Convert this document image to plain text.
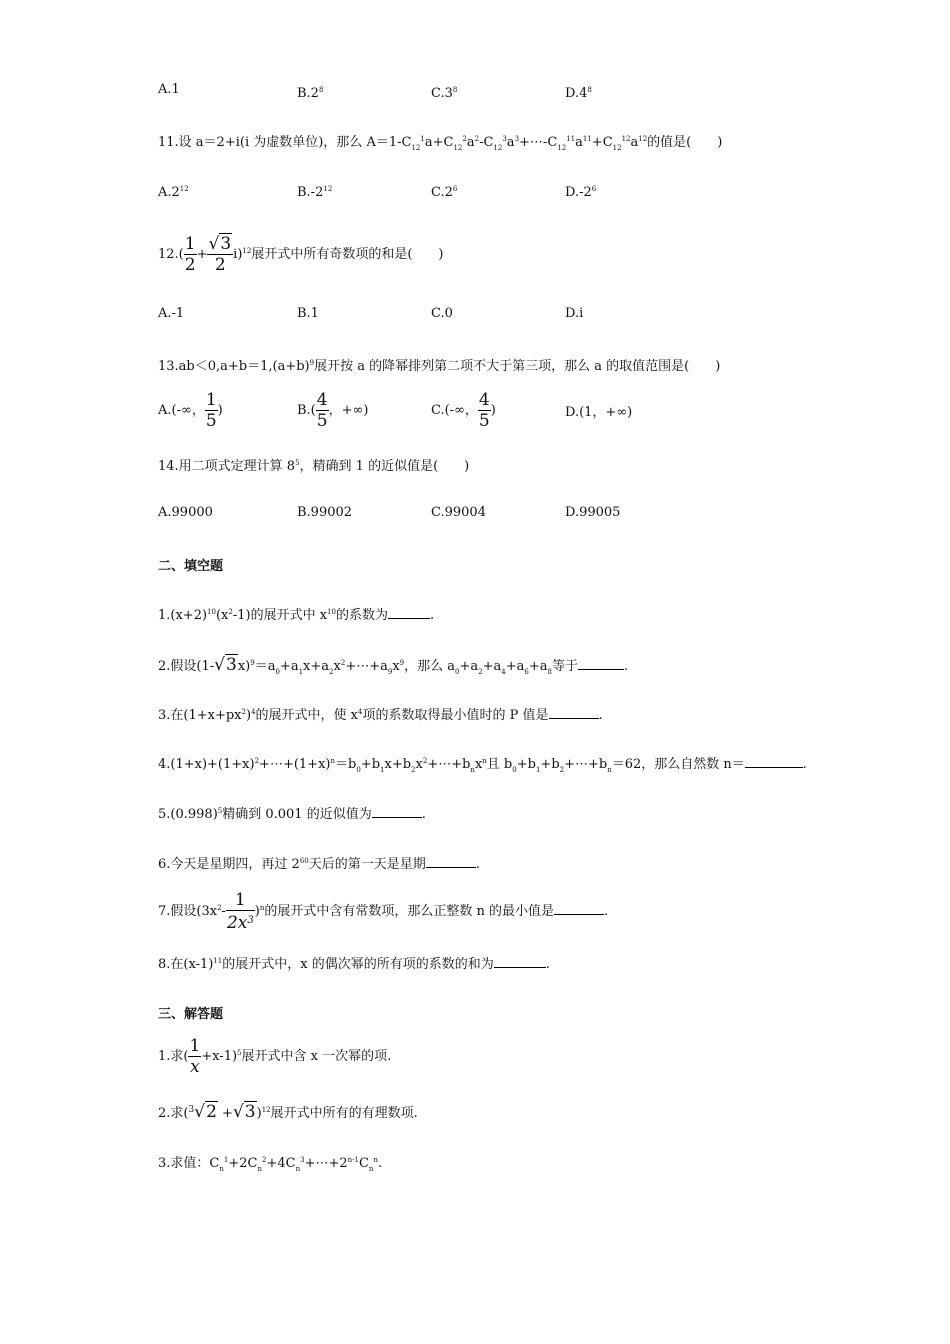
A.1	$B.2^8$	$C.3^8$	$D.4^8$
11.设 a＝2+i(i 为虚数单位)，那么 $A=1-C_{12}^1a+C_{12}^2a^2-C_{12}^3a^3+\cdots-C_{12}^{11}a^{11}+C_{12}^{12}a^{12}$的值是(　　)
$A.2^{12}$	$B.-2^{12}$	$C.2^6$	$D.-2^6$
$12.( \frac{1}{2} + \frac{√3}{2} i)^{12}$展开式中所有奇数项的和是(　　)
A.-1	B.1	C.0	D.i
$13.ab<0,a+b=1,(a+b)^9$展开按 a 的降幂排列第二项不大于第三项，那么 a 的取值范围是(　　)
A.(-∞， $\frac{1}{5}$ )	$B.( \frac{4}{5}$ ，+∞)	C.(-∞， $\frac{4}{5}$ )	D.(1，+∞)
14.用二项式定理计算 $8^5$，精确到 1 的近似值是(　　)
A.99000	B.99002	C.99004	D.99005
二、填空题
$1.(x+2)^{10}(x^2-1)$的展开式中 $x^{10}$的系数为	.
2.假设$(1-√3x)^9=a_0+a_1x+a_2x^2+\cdots+a_9x^9$，那么 $a_0+a_2+a_4+a_6+a_8$等于	.
3.在$(1+x+px^2)^4$的展开式中，使 $x^4$项的系数取得最小值时的 P 值是	.
$4.(1+x)+(1+x)^2+\cdots+(1+x)^n=b_0+b_1x+b_2x^2+\cdots+b_nx^n$且 $b_0+b_1+b_2+\cdots+b_n=62$，那么自然数 n＝	.
$5.(0.998)^5$精确到 0.001 的近似值为	.
6.今天是星期四，再过 $2^{60}$天后的第一天是星期	.
7.假设$(3x^2- \frac{1}{2x^3} )^n$的展开式中含有常数项，那么正整数 n 的最小值是	.
8.在$(x-1)^{11}$的展开式中，x 的偶次幂的所有项的系数的和为	.
三、解答题
1.求( $\frac{1}{x} +x-1)^5$展开式中含 x 一次幂的项.
2.求$(^3√2 +√3)^{12}$展开式中所有的有理数项.
3.求值：$C_n^1+2C_n^2+4C_n^3+\cdots+2^{n-1}C_n^n$.
